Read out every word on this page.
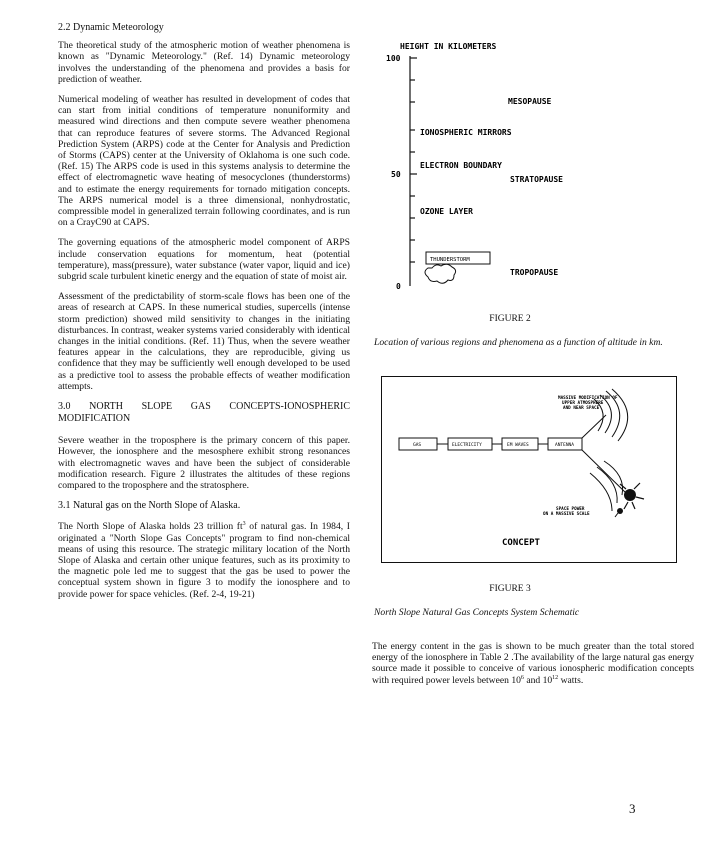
2.2 Dynamic Meteorology

The theoretical study of the atmospheric motion of weather phenomena is known as "Dynamic Meteorology." (Ref. 14) Dynamic meteorology involves the understanding of the phenomena and provides a basis for prediction of weather.

Numerical modeling of weather has resulted in development of codes that can start from initial conditions of temperature nonuniformity and measured wind directions and then compute severe weather phenomena that can reproduce features of severe storms. The Advanced Regional Prediction System (ARPS) code at the Center for Analysis and Prediction of Storms (CAPS) center at the University of Oklahoma is one such code. (Ref. 15) The ARPS code is used in this systems analysis to determine the effect of electromagnetic wave heating of mesocyclones (thunderstorms) and to estimate the energy requirements for tornado mitigation concepts. The ARPS numerical model is a three dimensional, nonhydrostatic, compressible model in generalized terrain following coordinates, and is run on a CrayC90 at CAPS.

The governing equations of the atmospheric model component of ARPS include conservation equations for momentum, heat (potential temperature), mass(pressure), water substance (water vapor, liquid and ice) subgrid scale turbulent kinetic energy and the equation of state of moist air.

Assessment of the predictability of storm-scale flows has been one of the areas of research at CAPS. In these numerical studies, supercells (intense storm prediction) showed mild sensitivity to changes in the initiating disturbances. In contrast, weaker systems varied considerably with identical changes in the initial conditions. (Ref. 11) Thus, when the severe weather features appear in the calculations, they are reproducible, giving us confidence that they may be sufficiently well enough developed to be used as a predictive tool to assess the probable effects of weather modification attempts.

3.0 NORTH SLOPE GAS CONCEPTS-IONOSPHERIC MODIFICATION

Severe weather in the troposphere is the primary concern of this paper. However, the ionosphere and the mesosphere exhibit strong resonances with electromagnetic waves and have been the subject of considerable modification research. Figure 2 illustrates the altitudes of these regions compared to the troposphere and the stratosphere.

3.1 Natural gas on the North Slope of Alaska.

The North Slope of Alaska holds 23 trillion $ft^3$ of natural gas. In 1984, I originated a "North Slope Gas Concepts" program to find non-chemical means of using this resource. The strategic military location of the North Slope of Alaska and certain other unique features, such as its proximity to the magnetic pole led me to suggest that the gas be used to power the conceptual system shown in figure 3 to modify the ionosphere and to provide power for space vehicles. (Ref. 2-4, 19-21)

HEIGHT IN KILOMETERS
100
50
0
MESOPAUSE
IONOSPHERIC MIRRORS
ELECTRON BOUNDARY
STRATOPAUSE
OZONE LAYER
THUNDERSTORM
TROPOPAUSE
FIGURE 2
Location of various regions and phenomena as a function of altitude in km.
MASSIVE MODIFICATION OF
UPPER ATMOSPHERE
AND NEAR SPACE
GAS	ELECTRICITY	EM WAVES	ANTENNA
SPACE POWER
ON A MASSIVE SCALE
CONCEPT
FIGURE 3
North Slope Natural Gas Concepts System Schematic

The energy content in the gas is shown to be much greater than the total stored energy of the ionosphere in Table 2 .The availability of the large natural gas energy source made it possible to conceive of various ionospheric modification concepts with required power levels between $10^6$ and $10^{12}$ watts.

3
